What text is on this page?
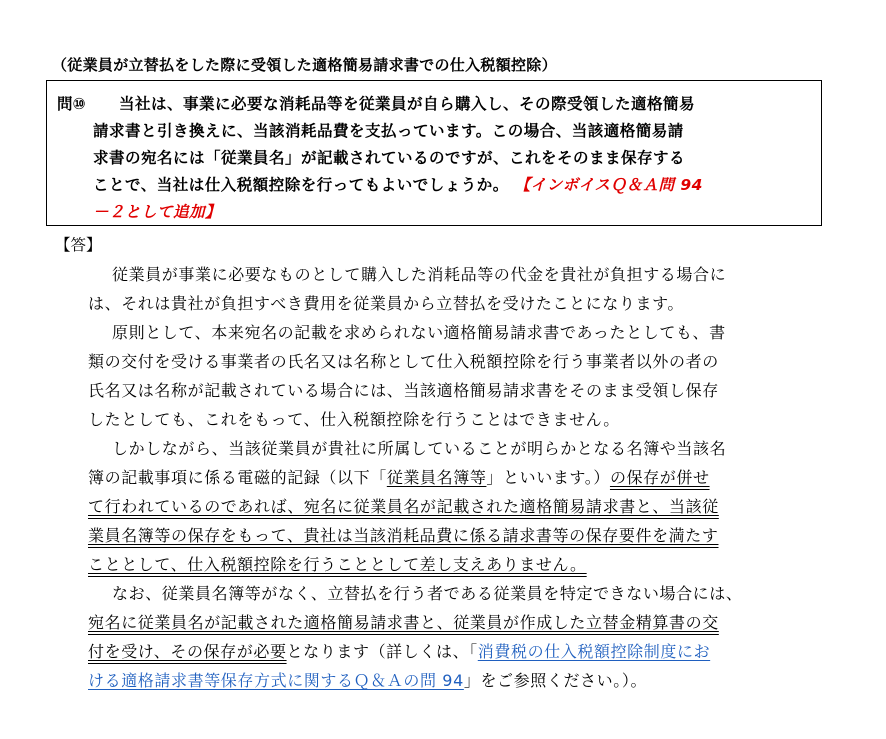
（従業員が立替払をした際に受領した適格簡易請求書での仕入税額控除）
問⑩ 当社は、事業に必要な消耗品等を従業員が自ら購入し、その際受領した適格簡易
請求書と引き換えに、当該消耗品費を支払っています。この場合、当該適格簡易請
求書の宛名には「従業員名」が記載されているのですが、これをそのまま保存する
ことで、当社は仕入税額控除を行ってもよいでしょうか。 【インボイスＱ＆Ａ問 94
－２として追加】
【答】
従業員が事業に必要なものとして購入した消耗品等の代金を貴社が負担する場合に
は、それは貴社が負担すべき費用を従業員から立替払を受けたことになります。
原則として、本来宛名の記載を求められない適格簡易請求書であったとしても、書
類の交付を受ける事業者の氏名又は名称として仕入税額控除を行う事業者以外の者の
氏名又は名称が記載されている場合には、当該適格簡易請求書をそのまま受領し保存
したとしても、これをもって、仕入税額控除を行うことはできません。
しかしながら、当該従業員が貴社に所属していることが明らかとなる名簿や当該名
簿の記載事項に係る電磁的記録（以下「従業員名簿等」といいます。）の保存が併せ
て行われているのであれば、宛名に従業員名が記載された適格簡易請求書と、当該従
業員名簿等の保存をもって、貴社は当該消耗品費に係る請求書等の保存要件を満たす
こととして、仕入税額控除を行うこととして差し支えありません。
なお、従業員名簿等がなく、立替払を行う者である従業員を特定できない場合には、
宛名に従業員名が記載された適格簡易請求書と、従業員が作成した立替金精算書の交
付を受け、その保存が必要となります（詳しくは、「消費税の仕入税額控除制度にお
ける適格請求書等保存方式に関するＱ＆Ａの問 94」をご参照ください。）。
